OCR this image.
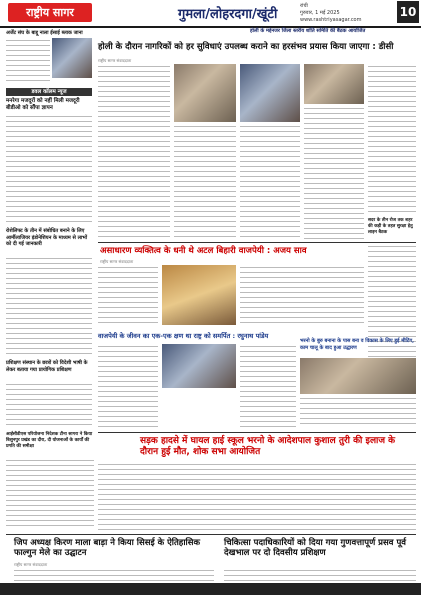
राष्ट्रीय सागर	गुमला/लोहरदगा/खूंटी
रांची
गुरुवार, 1 मई 2025
www.rashtriyasagar.com
10
अर्जेंट संघ के बाद्दू नाला ईसाई ब्लाक जाना
डवल कॉलम न्यूज
मनरेगा मजदूरों को नहीं मिली मजदूरी बीडीओ को सौंपा ज्ञापन
रोशेलिफ्ट के तीन में संबोधित बनाने के लिए आर्मीलाजियर इंडोनेशियन के माध्यम से लाभों को दी गई जानकारी
प्रशिक्षण संस्थान के छात्रों को विदेशी भाषी के लेकर बताया गया प्रायोगिक प्रशिक्षण
होली के मद्देनजर जिला स्तरीय शांति समिति की बैठक आयोजित
होली के दौरान नागरिकों को हर सुविधाएं उपलब्ध कराने का हरसंभव प्रयास किया जाएगा : डीसी
राष्ट्रीय सागर संवाददाता
सदर के तीन रोज तक शहर की कड़ी के तहत सुरक्षा हेतु लाइन बैठक
असाधारण व्यक्तित्व के धनी थे अटल बिहारी वाजपेयी : अजय साव
राष्ट्रीय सागर संवाददाता
वाजपेयी के जीवन का एक-एक क्षण था राष्ट्र को समर्पित : रघुनाथ पांडेय
भरनो के बुरु बनाना के पास बना व विकास के लिए हुई मीटिंग, काम चालू के बाद हुआ उद्धारण
सड़क हादसे में घायल हाई स्कूल भरनो के आदेशपाल कुशाल तुरी की इलाज के दौरान हुई मौत, शोक सभा आयोजित
आईसीडीएस परियोजना निदेशक टीना सागरा ने किया बिशुनपुर प्रखंड का दौरा, दी योजनाओं के कार्यों की प्रगति की समीक्षा
जिप अध्यक्ष किरण माला बाड़ा ने किया सिसई के ऐतिहासिक फाल्गुन मेले का उद्घाटन
चिकित्सा पदाधिकारियों को दिया गया गुणवत्तापूर्ण प्रसव पूर्व देखभाल पर दो दिवसीय प्रशिक्षण
राष्ट्रीय सागर संवाददाता
